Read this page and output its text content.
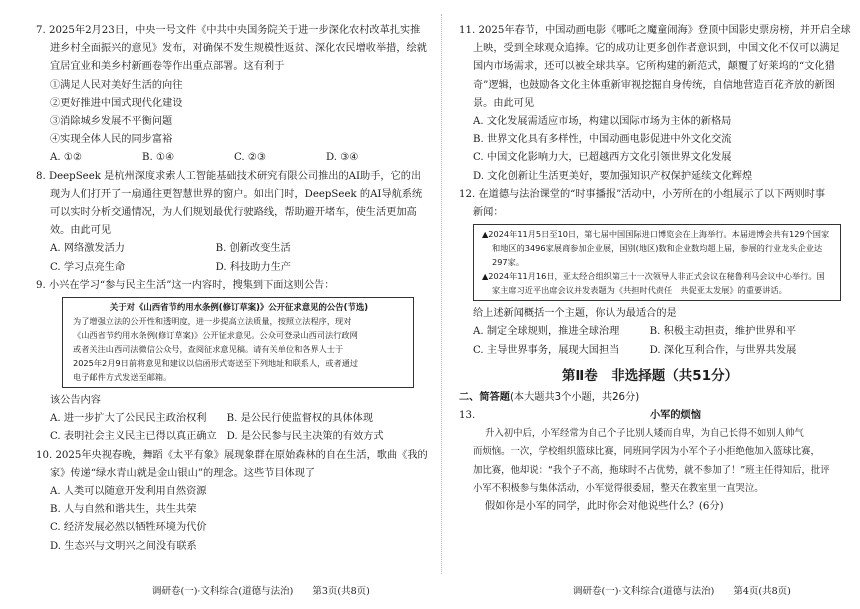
7. 2025年2月23日，中央一号文件《中共中央国务院关于进一步深化农村改革扎实推
进乡村全面振兴的意见》发布，对确保不发生规模性返贫、深化农民增收举措，绘就
宜居宜业和美乡村新画卷等作出重点部署。这有利于
①满足人民对美好生活的向往
②更好推进中国式现代化建设
③消除城乡发展不平衡问题
④实现全体人民的同步富裕
A. ①②	B. ①④	C. ②③	D. ③④
8. DeepSeek 是杭州深度求索人工智能基础技术研究有限公司推出的AI助手，它的出
现为人们打开了一扇通往更智慧世界的窗户。如出门时，DeepSeek 的AI导航系统
可以实时分析交通情况，为人们规划最优行驶路线，帮助避开堵车，使生活更加高
效。由此可见
A. 网络激发活力	B. 创新改变生活
C. 学习点亮生命	D. 科技助力生产
9. 小兴在学习“参与民主生活”这一内容时，搜集到下面这则公告：
关于对《山西省节约用水条例(修订草案)》公开征求意见的公告(节选)
为了增强立法的公开性和透明度，进一步提高立法质量，按照立法程序，现对
《山西省节约用水条例(修订草案)》公开征求意见。公众可登录山西司法行政网
或者关注山西司法微信公众号，查阅征求意见稿。请有关单位和各界人士于
2025年2月9日前将意见和建议以信函形式寄送至下列地址和联系人，或者通过
电子邮件方式发送至邮箱。
该公告内容
A. 进一步扩大了公民民主政治权利	B. 是公民行使监督权的具体体现
C. 表明社会主义民主已得以真正确立 D. 是公民参与民主决策的有效方式
10. 2025年央视春晚，舞蹈《太平有象》展现象群在原始森林的自在生活，歌曲《我的
家》传递“绿水青山就是金山银山”的理念。这些节目体现了
A. 人类可以随意开发利用自然资源
B. 人与自然和谐共生，共生共荣
C. 经济发展必然以牺牲环境为代价
D. 生态兴与文明兴之间没有联系
11. 2025年春节，中国动画电影《哪吒之魔童闹海》登顶中国影史票房榜，并开启全球
上映，受到全球观众追捧。它的成功让更多创作者意识到，中国文化不仅可以满足
国内市场需求，还可以被全球共享。它所构建的新范式，颠覆了好莱坞的“文化猎
奇”逻辑，也鼓励各文化主体重新审视挖掘自身传统，自信地营造百花齐放的新图
景。由此可见
A. 文化发展需适应市场，构建以国际市场为主体的新格局
B. 世界文化具有多样性，中国动画电影促进中外文化交流
C. 中国文化影响力大，已超越西方文化引领世界文化发展
D. 文化创新让生活更美好，要加强知识产权保护延续文化辉煌
12. 在道德与法治课堂的“时事播报”活动中，小芳所在的小组展示了以下两则时事
新闻：
▲2024年11月5日至10日，第七届中国国际进口博览会在上海举行。本届进博会共有129个国家和地区的3496家展商参加企业展，国别(地区)数和企业数均超上届，参展的行业龙头企业达297家。
▲2024年11月16日，亚太经合组织第三十一次领导人非正式会议在秘鲁利马会议中心举行。国家主席习近平出席会议并发表题为《共担时代责任　共促亚太发展》的重要讲话。
给上述新闻概括一个主题，你认为最适合的是
A. 制定全球规则，推进全球治理	B. 积极主动担责，维护世界和平
C. 主导世界事务，展现大国担当	D. 深化互利合作，与世界共发展
第Ⅱ卷　非选择题（共51分）
二、简答题(本大题共3个小题，共26分)
13.	小军的烦恼
升入初中后，小军经常为自己个子比别人矮而自卑，为自己长得不如别人帅气
而烦恼。一次，学校组织篮球比赛，同班同学因为小军个子小拒绝他加入篮球比赛，
加比赛，他却说：“我个子不高，拖球时不占优势，就不参加了！”班主任得知后，批评
小军不积极参与集体活动，小军觉得很委屈，整天在教室里一直哭泣。
假如你是小军的同学，此时你会对他说些什么？(6分)
调研卷(一)·文科综合(道德与法治)　　第3页(共8页)	调研卷(一)·文科综合(道德与法治)　　第4页(共8页)
